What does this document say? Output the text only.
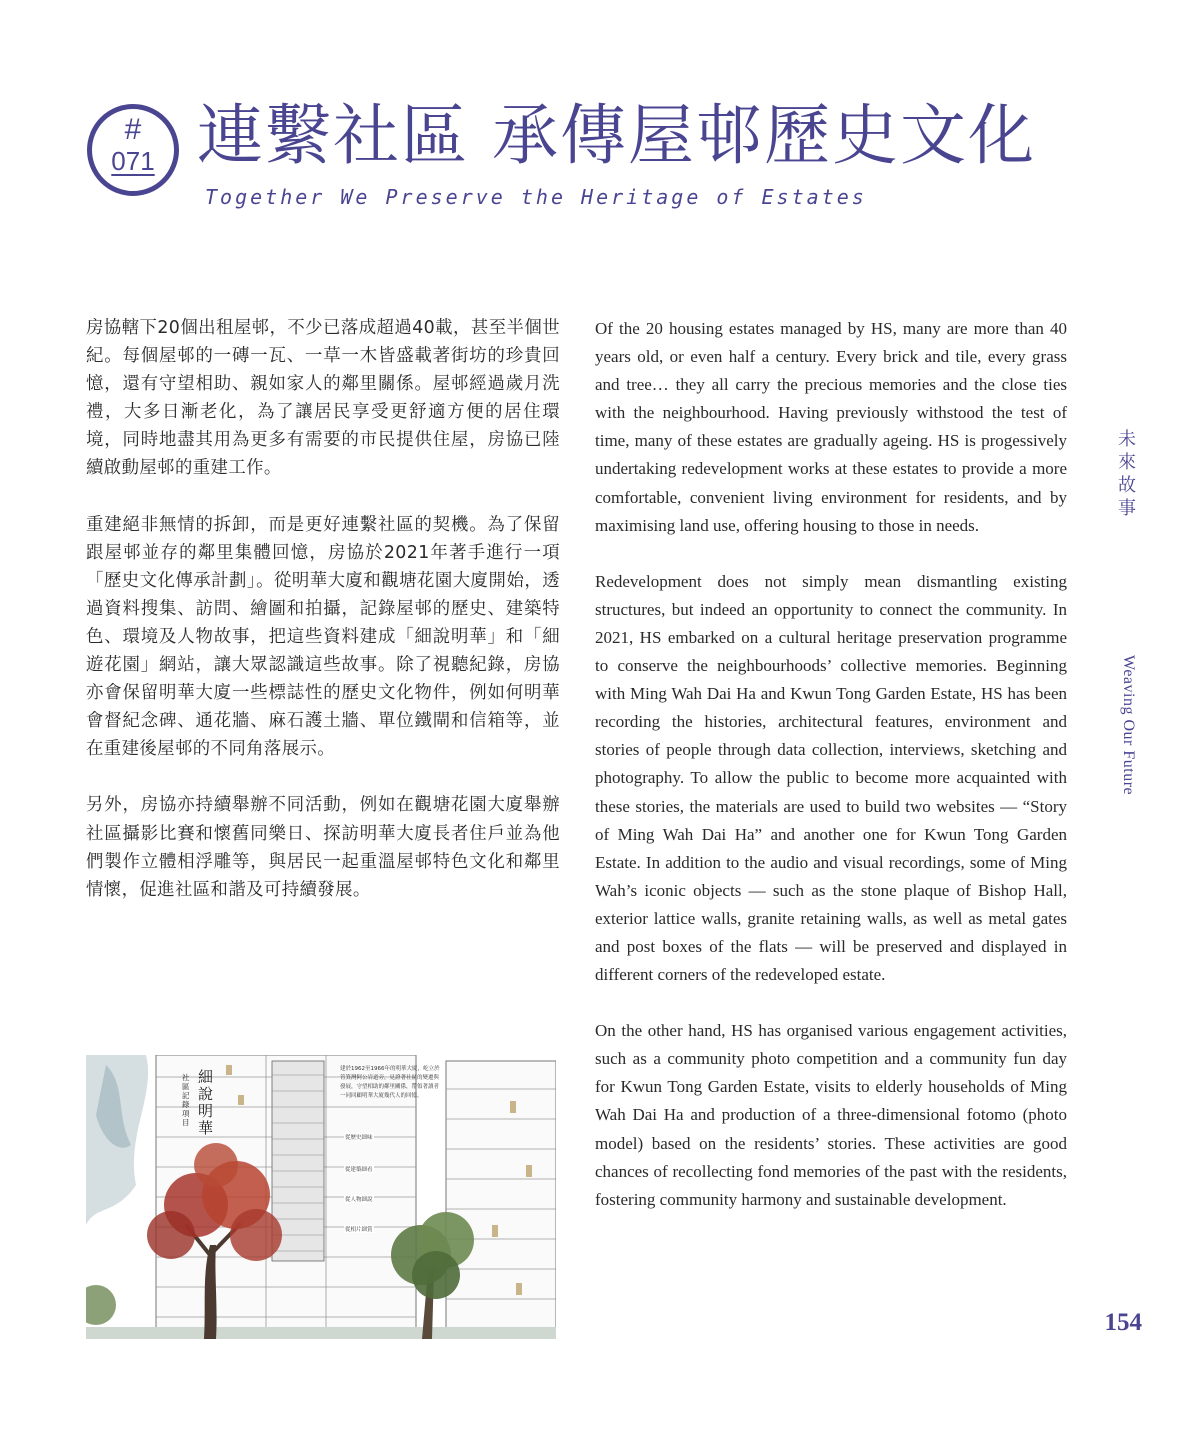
#
071 連繫社區 承傳屋邨歷史文化
Together We Preserve the Heritage of Estates

房協轄下20個出租屋邨，不少已落成超過40載，甚至半個世紀。每個屋邨的一磚一瓦、一草一木皆盛載著街坊的珍貴回憶，還有守望相助、親如家人的鄰里關係。屋邨經過歲月洗禮，大多日漸老化，為了讓居民享受更舒適方便的居住環境，同時地盡其用為更多有需要的市民提供住屋，房協已陸續啟動屋邨的重建工作。

重建絕非無情的拆卸，而是更好連繫社區的契機。為了保留跟屋邨並存的鄰里集體回憶，房協於2021年著手進行一項「歷史文化傳承計劃」。從明華大廈和觀塘花園大廈開始，透過資料搜集、訪問、繪圖和拍攝，記錄屋邨的歷史、建築特色、環境及人物故事，把這些資料建成「細說明華」和「細遊花園」網站，讓大眾認識這些故事。除了視聽紀錄，房協亦會保留明華大廈一些標誌性的歷史文化物件，例如何明華會督紀念碑、通花牆、麻石護土牆、單位鐵閘和信箱等，並在重建後屋邨的不同角落展示。

另外，房協亦持續舉辦不同活動，例如在觀塘花園大廈舉辦社區攝影比賽和懷舊同樂日、探訪明華大廈長者住戶並為他們製作立體相浮雕等，與居民一起重溫屋邨特色文化和鄰里情懷，促進社區和諧及可持續發展。

細說明華
社區記錄項目
建於1962至1966年的明華大廈，屹立於筲箕灣阿公岩道旁，見證著社區的變遷與發展，守望相助的鄰里關係，帶領著讀者一同回顧明華大廈幾代人的回憶。
從歷史細味
從建築細看
從人物細說
從相片細賞

Of the 20 housing estates managed by HS, many are more than 40 years old, or even half a century. Every brick and tile, every grass and tree… they all carry the precious memories and the close ties with the neighbourhood. Having previously withstood the test of time, many of these estates are gradually ageing. HS is progessively undertaking redevelopment works at these estates to provide a more comfortable, convenient living environment for residents, and by maximising land use, offering housing to those in needs.

Redevelopment does not simply mean dismantling existing structures, but indeed an opportunity to connect the community. In 2021, HS embarked on a cultural heritage preservation programme to conserve the neighbourhoods’ collective memories. Beginning with Ming Wah Dai Ha and Kwun Tong Garden Estate, HS has been recording the histories, architectural features, environment and stories of people through data collection, interviews, sketching and photography. To allow the public to become more acquainted with these stories, the materials are used to build two websites — “Story of Ming Wah Dai Ha” and another one for Kwun Tong Garden Estate. In addition to the audio and visual recordings, some of Ming Wah’s iconic objects — such as the stone plaque of Bishop Hall, exterior lattice walls, granite retaining walls, as well as metal gates and post boxes of the flats — will be preserved and displayed in different corners of the redeveloped estate.

On the other hand, HS has organised various engagement activities, such as a community photo competition and a community fun day for Kwun Tong Garden Estate, visits to elderly households of Ming Wah Dai Ha and production of a three-dimensional fotomo (photo model) based on the residents’ stories. These activities are good chances of recollecting fond memories of the past with the residents, fostering community harmony and sustainable development.

未
來
故
事
Weaving Our Future
154
